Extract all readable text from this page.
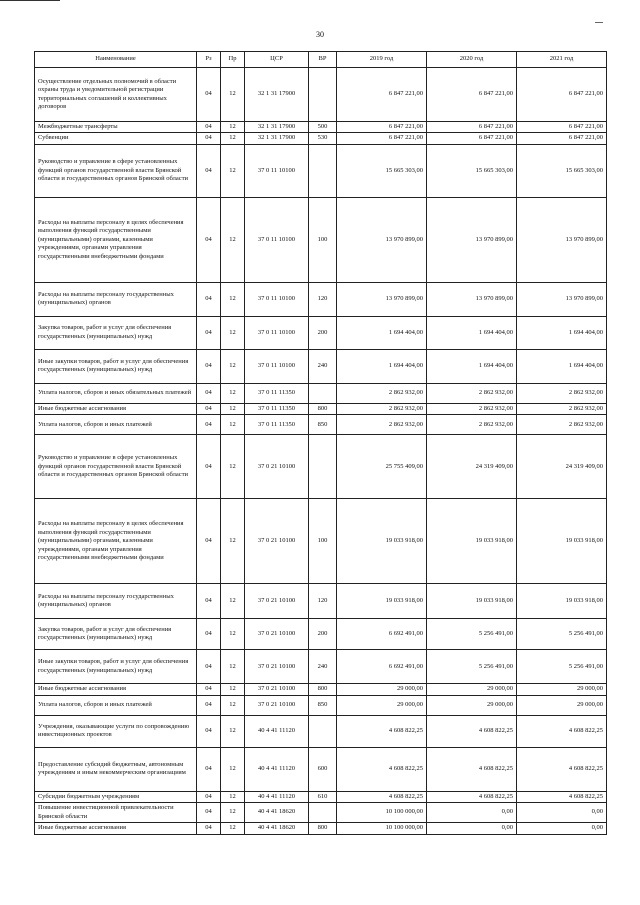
30
Наименование	Рз	Пр	ЦСР	ВР	2019 год	2020 год	2021 год
Осуществление отдельных полномочий в области охраны труда и уведомительной регистрации территориальных соглашений и коллективных договоров	04	12	32 1 31 17900		6 847 221,00	6 847 221,00	6 847 221,00
Межбюджетные трансферты	04	12	32 1 31 17900	500	6 847 221,00	6 847 221,00	6 847 221,00
Субвенции	04	12	32 1 31 17900	530	6 847 221,00	6 847 221,00	6 847 221,00
Руководство и управление в сфере установленных функций органов государственной власти Брянской области и государственных органов Брянской области	04	12	37 0 11 10100		15 665 303,00	15 665 303,00	15 665 303,00
Расходы на выплаты персоналу в целях обеспечения выполнения функций государственными (муниципальными) органами, казенными учреждениями, органами управления государственными внебюджетными фондами	04	12	37 0 11 10100	100	13 970 899,00	13 970 899,00	13 970 899,00
Расходы на выплаты персоналу государственных (муниципальных) органов	04	12	37 0 11 10100	120	13 970 899,00	13 970 899,00	13 970 899,00
Закупка товаров, работ и услуг для обеспечения государственных (муниципальных) нужд	04	12	37 0 11 10100	200	1 694 404,00	1 694 404,00	1 694 404,00
Иные закупки товаров, работ и услуг для обеспечения государственных (муниципальных) нужд	04	12	37 0 11 10100	240	1 694 404,00	1 694 404,00	1 694 404,00
Уплата налогов, сборов и иных обязательных платежей	04	12	37 0 11 11350		2 862 932,00	2 862 932,00	2 862 932,00
Иные бюджетные ассигнования	04	12	37 0 11 11350	800	2 862 932,00	2 862 932,00	2 862 932,00
Уплата налогов, сборов и иных платежей	04	12	37 0 11 11350	850	2 862 932,00	2 862 932,00	2 862 932,00
Руководство и управление в сфере установленных функций органов государственной власти Брянской области и государственных органов Брянской области	04	12	37 0 21 10100		25 755 409,00	24 319 409,00	24 319 409,00
Расходы на выплаты персоналу в целях обеспечения выполнения функций государственными (муниципальными) органами, казенными учреждениями, органами управления государственными внебюджетными фондами	04	12	37 0 21 10100	100	19 033 918,00	19 033 918,00	19 033 918,00
Расходы на выплаты персоналу государственных (муниципальных) органов	04	12	37 0 21 10100	120	19 033 918,00	19 033 918,00	19 033 918,00
Закупка товаров, работ и услуг для обеспечения государственных (муниципальных) нужд	04	12	37 0 21 10100	200	6 692 491,00	5 256 491,00	5 256 491,00
Иные закупки товаров, работ и услуг для обеспечения государственных (муниципальных) нужд	04	12	37 0 21 10100	240	6 692 491,00	5 256 491,00	5 256 491,00
Иные бюджетные ассигнования	04	12	37 0 21 10100	800	29 000,00	29 000,00	29 000,00
Уплата налогов, сборов и иных платежей	04	12	37 0 21 10100	850	29 000,00	29 000,00	29 000,00
Учреждения, оказывающие услуги по сопровождению инвестиционных проектов	04	12	40 4 41 11120		4 608 822,25	4 608 822,25	4 608 822,25
Предоставление субсидий бюджетным, автономным учреждениям и иным некоммерческим организациям	04	12	40 4 41 11120	600	4 608 822,25	4 608 822,25	4 608 822,25
Субсидии бюджетным учреждениям	04	12	40 4 41 11120	610	4 608 822,25	4 608 822,25	4 608 822,25
Повышение инвестиционной привлекательности Брянской области	04	12	40 4 41 18620		10 100 000,00	0,00	0,00
Иные бюджетные ассигнования	04	12	40 4 41 18620	800	10 100 000,00	0,00	0,00
